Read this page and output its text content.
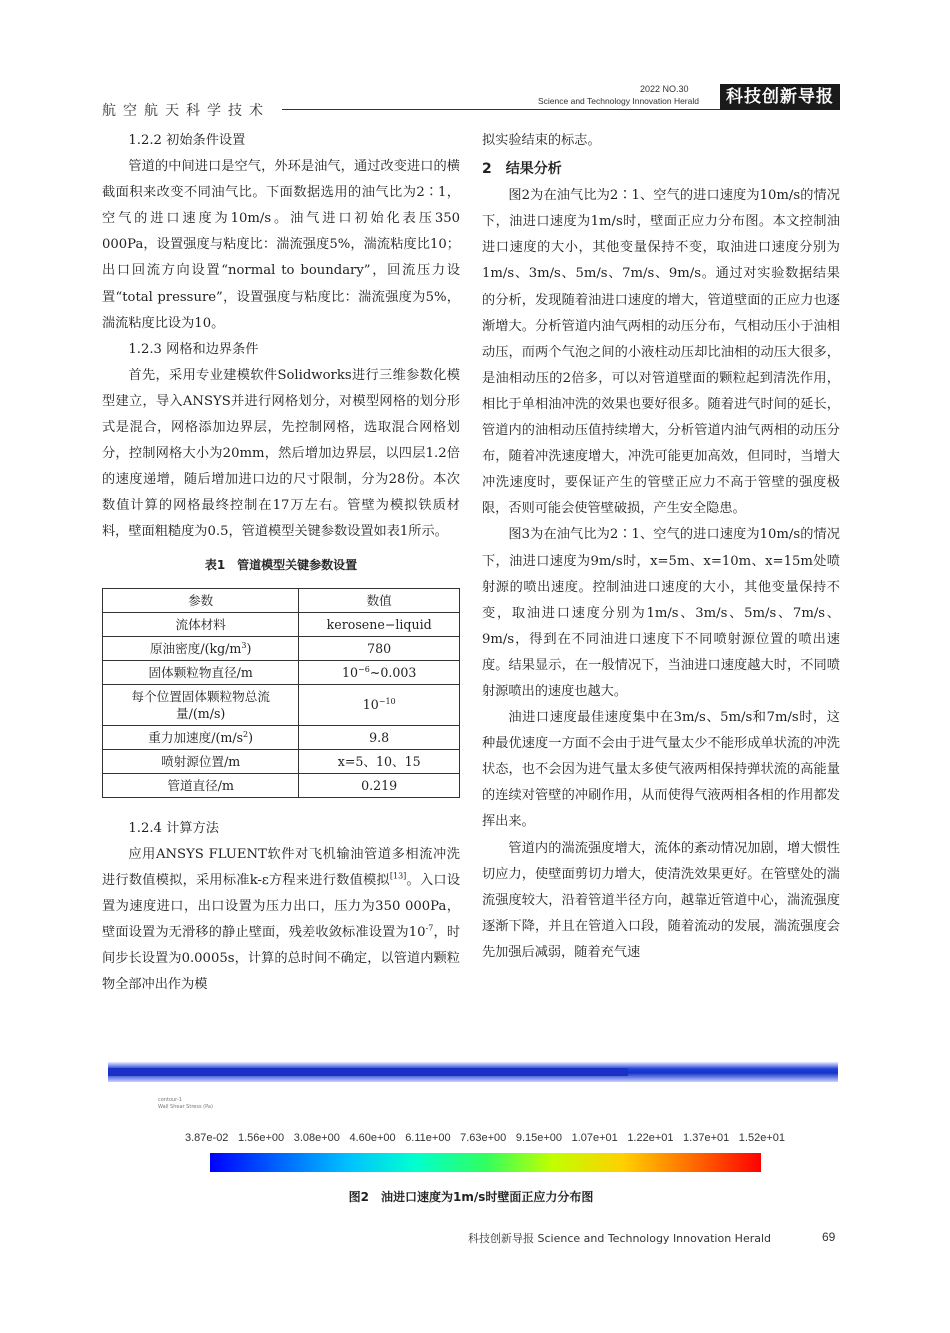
航空航天科学技术
2022 NO.30
Science and Technology Innovation Herald	科技创新导报

1.2.2 初始条件设置

管道的中间进口是空气，外环是油气，通过改变进口的横截面积来改变不同油气比。下面数据选用的油气比为2∶1，空气的进口速度为10m/s。油气进口初始化表压350 000Pa，设置强度与粘度比：湍流强度5%，湍流粘度比10；出口回流方向设置“normal to boundary”，回流压力设置“total pressure”，设置强度与粘度比：湍流强度为5%，湍流粘度比设为10。

1.2.3 网格和边界条件

首先，采用专业建模软件Solidworks进行三维参数化模型建立，导入ANSYS并进行网格划分，对模型网格的划分形式是混合，网格添加边界层，先控制网格，选取混合网格划分，控制网格大小为20mm，然后增加边界层，以四层1.2倍的速度递增，随后增加进口边的尺寸限制，分为28份。本次数值计算的网格最终控制在17万左右。管壁为模拟铁质材料，壁面粗糙度为0.5，管道模型关键参数设置如表1所示。

表1　管道模型关键参数设置
参数	数值
流体材料	kerosene−liquid
原油密度$/(kg/m^3)$	780
固体颗粒物直径/m	$10^{-6}\sim 0.003$
每个位置固体颗粒物总流量/(m/s)	$10^{-10}$
重力加速度$/(m/s^2)$	9.8
喷射源位置/m	x=5、10、15
管道直径/m	0.219

1.2.4 计算方法

应用ANSYS FLUENT软件对飞机输油管道多相流冲洗进行数值模拟，采用标准k-ε方程来进行数值模拟[13]。入口设置为速度进口，出口设置为压力出口，压力为350 000Pa，壁面设置为无滑移的静止壁面，残差收敛标准设置为$10^{-7}$，时间步长设置为0.0005s，计算的总时间不确定，以管道内颗粒物全部冲出作为模

拟实验结束的标志。

2　结果分析

图2为在油气比为2∶1、空气的进口速度为10m/s的情况下，油进口速度为1m/s时，壁面正应力分布图。本文控制油进口速度的大小，其他变量保持不变，取油进口速度分别为1m/s、3m/s、5m/s、7m/s、9m/s。通过对实验数据结果的分析，发现随着油进口速度的增大，管道壁面的正应力也逐渐增大。分析管道内油气两相的动压分布，气相动压小于油相动压，而两个气泡之间的小液柱动压却比油相的动压大很多，是油相动压的2倍多，可以对管道壁面的颗粒起到清洗作用，相比于单相油冲洗的效果也要好很多。随着进气时间的延长，管道内的油相动压值持续增大，分析管道内油气两相的动压分布，随着冲洗速度增大，冲洗可能更加高效，但同时，当增大冲洗速度时，要保证产生的管壁正应力不高于管壁的强度极限，否则可能会使管壁破损，产生安全隐患。

图3为在油气比为2∶1、空气的进口速度为10m/s的情况下，油进口速度为9m/s时，x=5m、x=10m、x=15m处喷射源的喷出速度。控制油进口速度的大小，其他变量保持不变，取油进口速度分别为1m/s、3m/s、5m/s、7m/s、9m/s，得到在不同油进口速度下不同喷射源位置的喷出速度。结果显示，在一般情况下，当油进口速度越大时，不同喷射源喷出的速度也越大。

油进口速度最佳速度集中在3m/s、5m/s和7m/s时，这种最优速度一方面不会由于进气量太少不能形成单状流的冲洗状态，也不会因为进气量太多使气液两相保持弹状流的高能量的连续对管壁的冲刷作用，从而使得气液两相各相的作用都发挥出来。

管道内的湍流强度增大，流体的紊动情况加剧，增大惯性切应力，使壁面剪切力增大，使清洗效果更好。在管壁处的湍流强度较大，沿着管道半径方向，越靠近管道中心，湍流强度逐渐下降，并且在管道入口段，随着流动的发展，湍流强度会先加强后减弱，随着充气速

contour-1
Wall Shear Stress (Pa)
3.87e-02 1.56e+00 3.08e+00 4.60e+00 6.11e+00 7.63e+00 9.15e+00 1.07e+01 1.22e+01 1.37e+01 1.52e+01
图2　油进口速度为1m/s时壁面正应力分布图
科技创新导报 Science and Technology Innovation Herald	69
